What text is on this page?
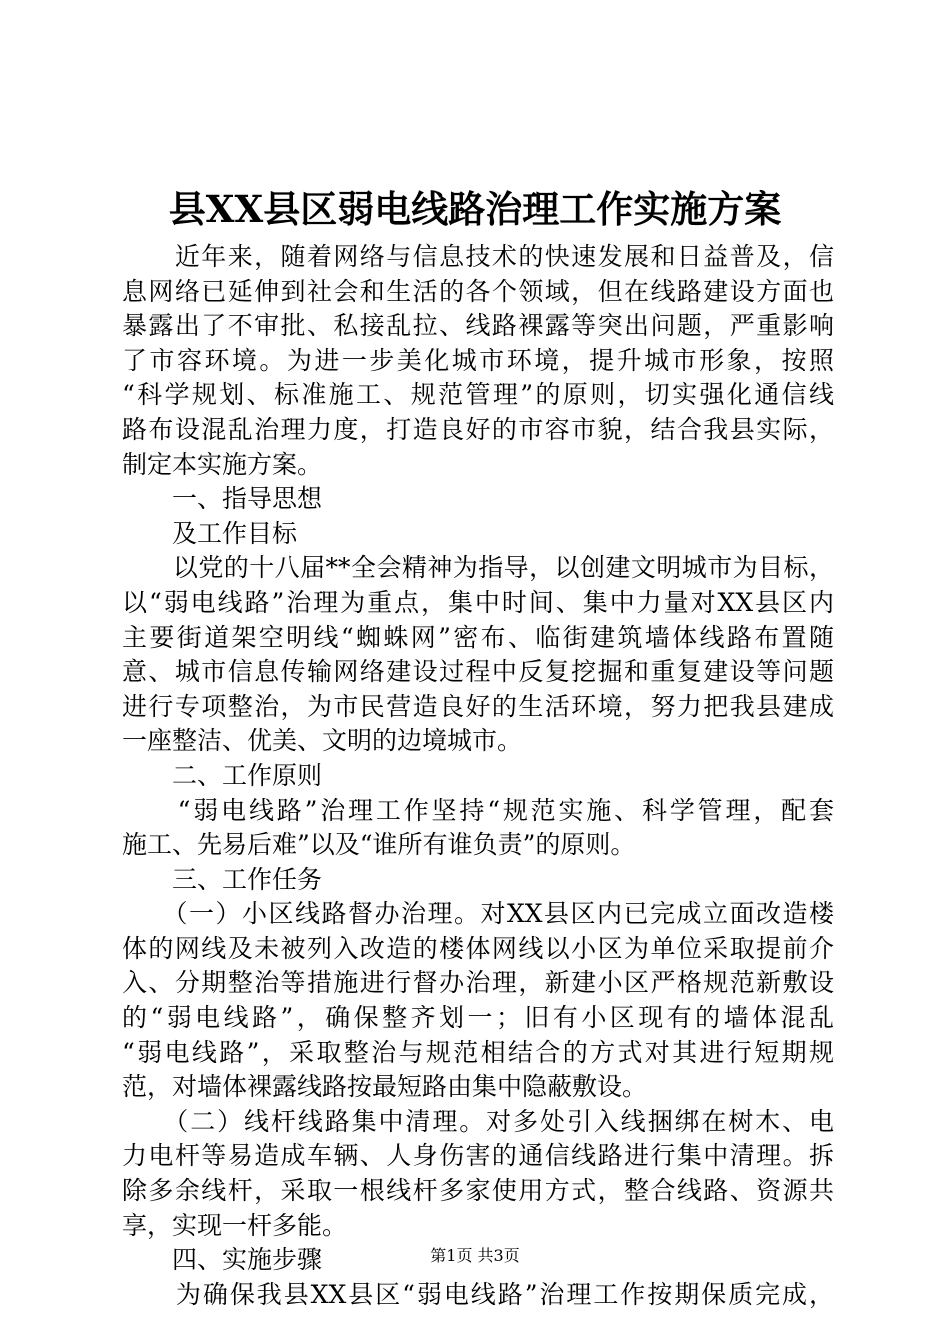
县XX县区弱电线路治理工作实施方案
　　近年来，随着网络与信息技术的快速发展和日益普及，信
息网络已延伸到社会和生活的各个领域，但在线路建设方面也
暴露出了不审批、私接乱拉、线路裸露等突出问题，严重影响
了市容环境。为进一步美化城市环境，提升城市形象，按照
“科学规划、标准施工、规范管理”的原则，切实强化通信线
路布设混乱治理力度，打造良好的市容市貌，结合我县实际，
制定本实施方案。
　　一、指导思想
　　及工作目标
　　以党的十八届**全会精神为指导，以创建文明城市为目标，
以“弱电线路”治理为重点，集中时间、集中力量对XX县区内
主要街道架空明线“蜘蛛网”密布、临街建筑墙体线路布置随
意、城市信息传输网络建设过程中反复挖掘和重复建设等问题
进行专项整治，为市民营造良好的生活环境，努力把我县建成
一座整洁、优美、文明的边境城市。
　　二、工作原则
　　“弱电线路”治理工作坚持“规范实施、科学管理，配套
施工、先易后难”以及“谁所有谁负责”的原则。
　　三、工作任务
　　（一）小区线路督办治理。对XX县区内已完成立面改造楼
体的网线及未被列入改造的楼体网线以小区为单位采取提前介
入、分期整治等措施进行督办治理，新建小区严格规范新敷设
的“弱电线路”，确保整齐划一；旧有小区现有的墙体混乱
“弱电线路”，采取整治与规范相结合的方式对其进行短期规
范，对墙体裸露线路按最短路由集中隐蔽敷设。
　　（二）线杆线路集中清理。对多处引入线捆绑在树木、电
力电杆等易造成车辆、人身伤害的通信线路进行集中清理。拆
除多余线杆，采取一根线杆多家使用方式，整合线路、资源共
享，实现一杆多能。
　　四、实施步骤
　　为确保我县XX县区“弱电线路”治理工作按期保质完成，
第1页 共3页
